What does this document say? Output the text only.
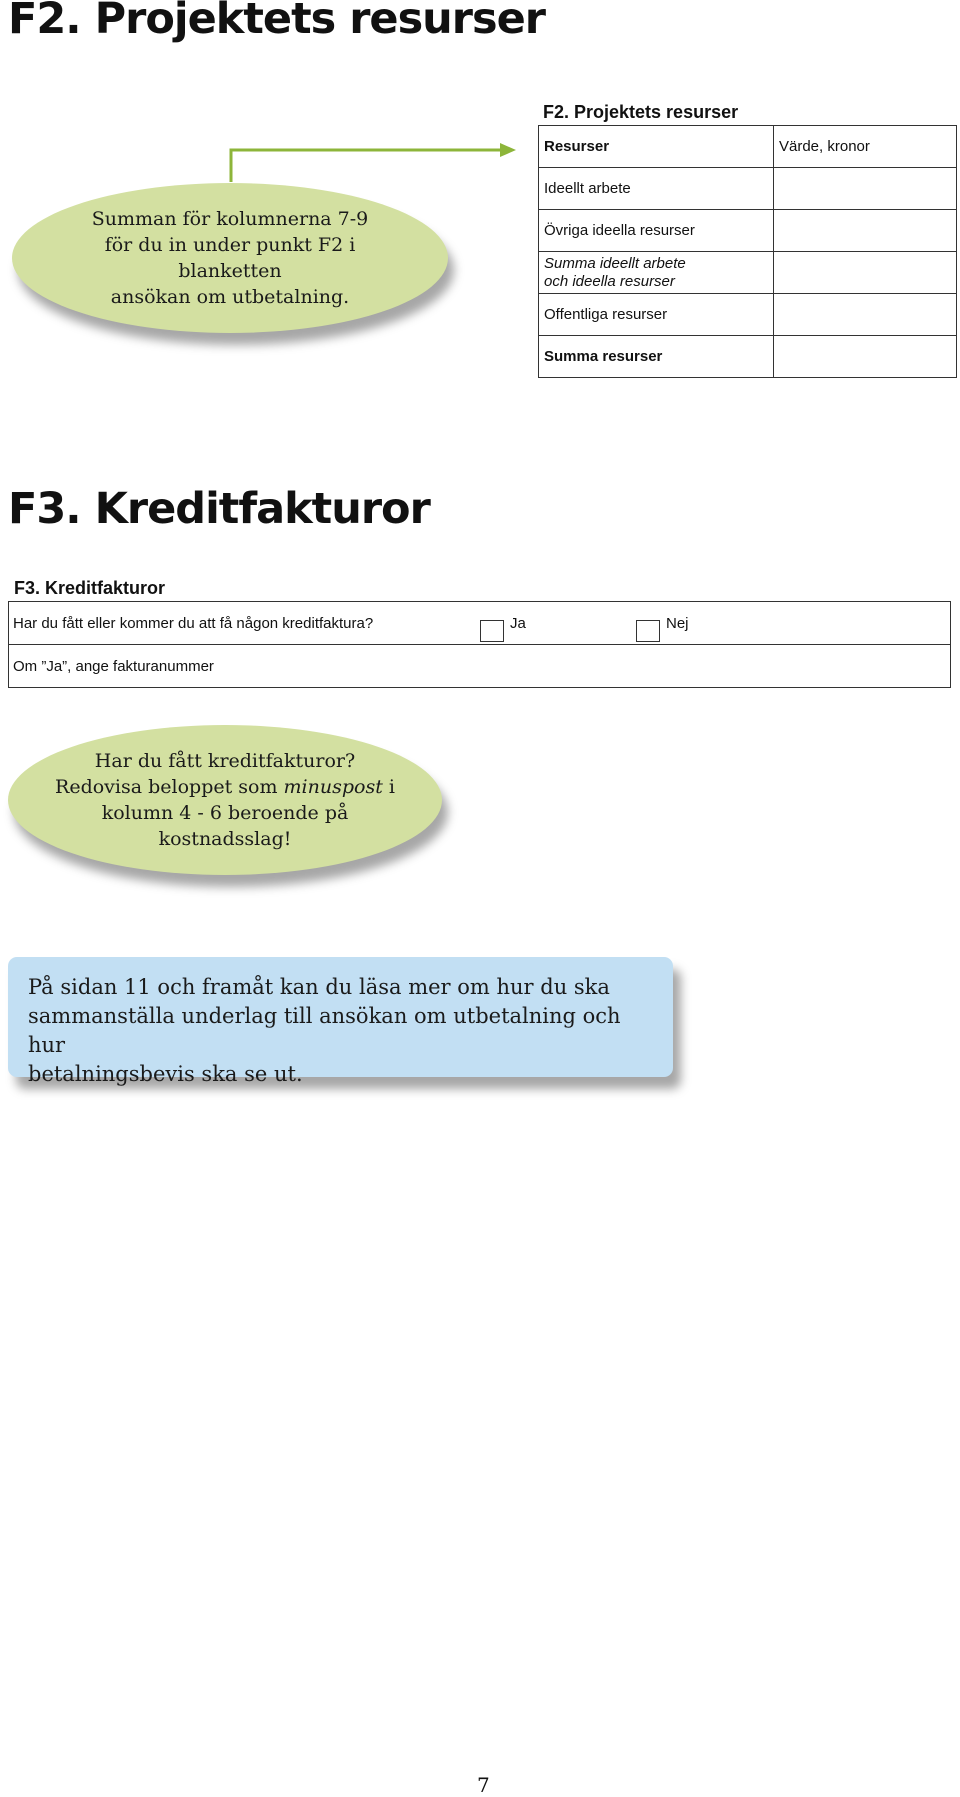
F2. Projektets resurser
F2. Projektets resurser
Summan för kolumnerna 7-9
för du in under punkt F2 i blanketten
ansökan om utbetalning.
Resurser	Värde, kronor
Ideellt arbete	
Övriga ideella resurser	

Summa ideellt arbete
och ideella resurser	

Offentliga resurser	
Summa resurser	
F3. Kreditfakturor
F3. Kreditfakturor
Har du fått eller kommer du att få någon kreditfaktura?	Ja	Nej
Om ”Ja”, ange fakturanummer
Har du fått kreditfakturor?
Redovisa beloppet som minuspost i
kolumn 4 - 6 beroende på
kostnadsslag!
På sidan 11 och framåt kan du läsa mer om hur du ska
sammanställa underlag till ansökan om utbetalning och hur
betalningsbevis ska se ut.
7
